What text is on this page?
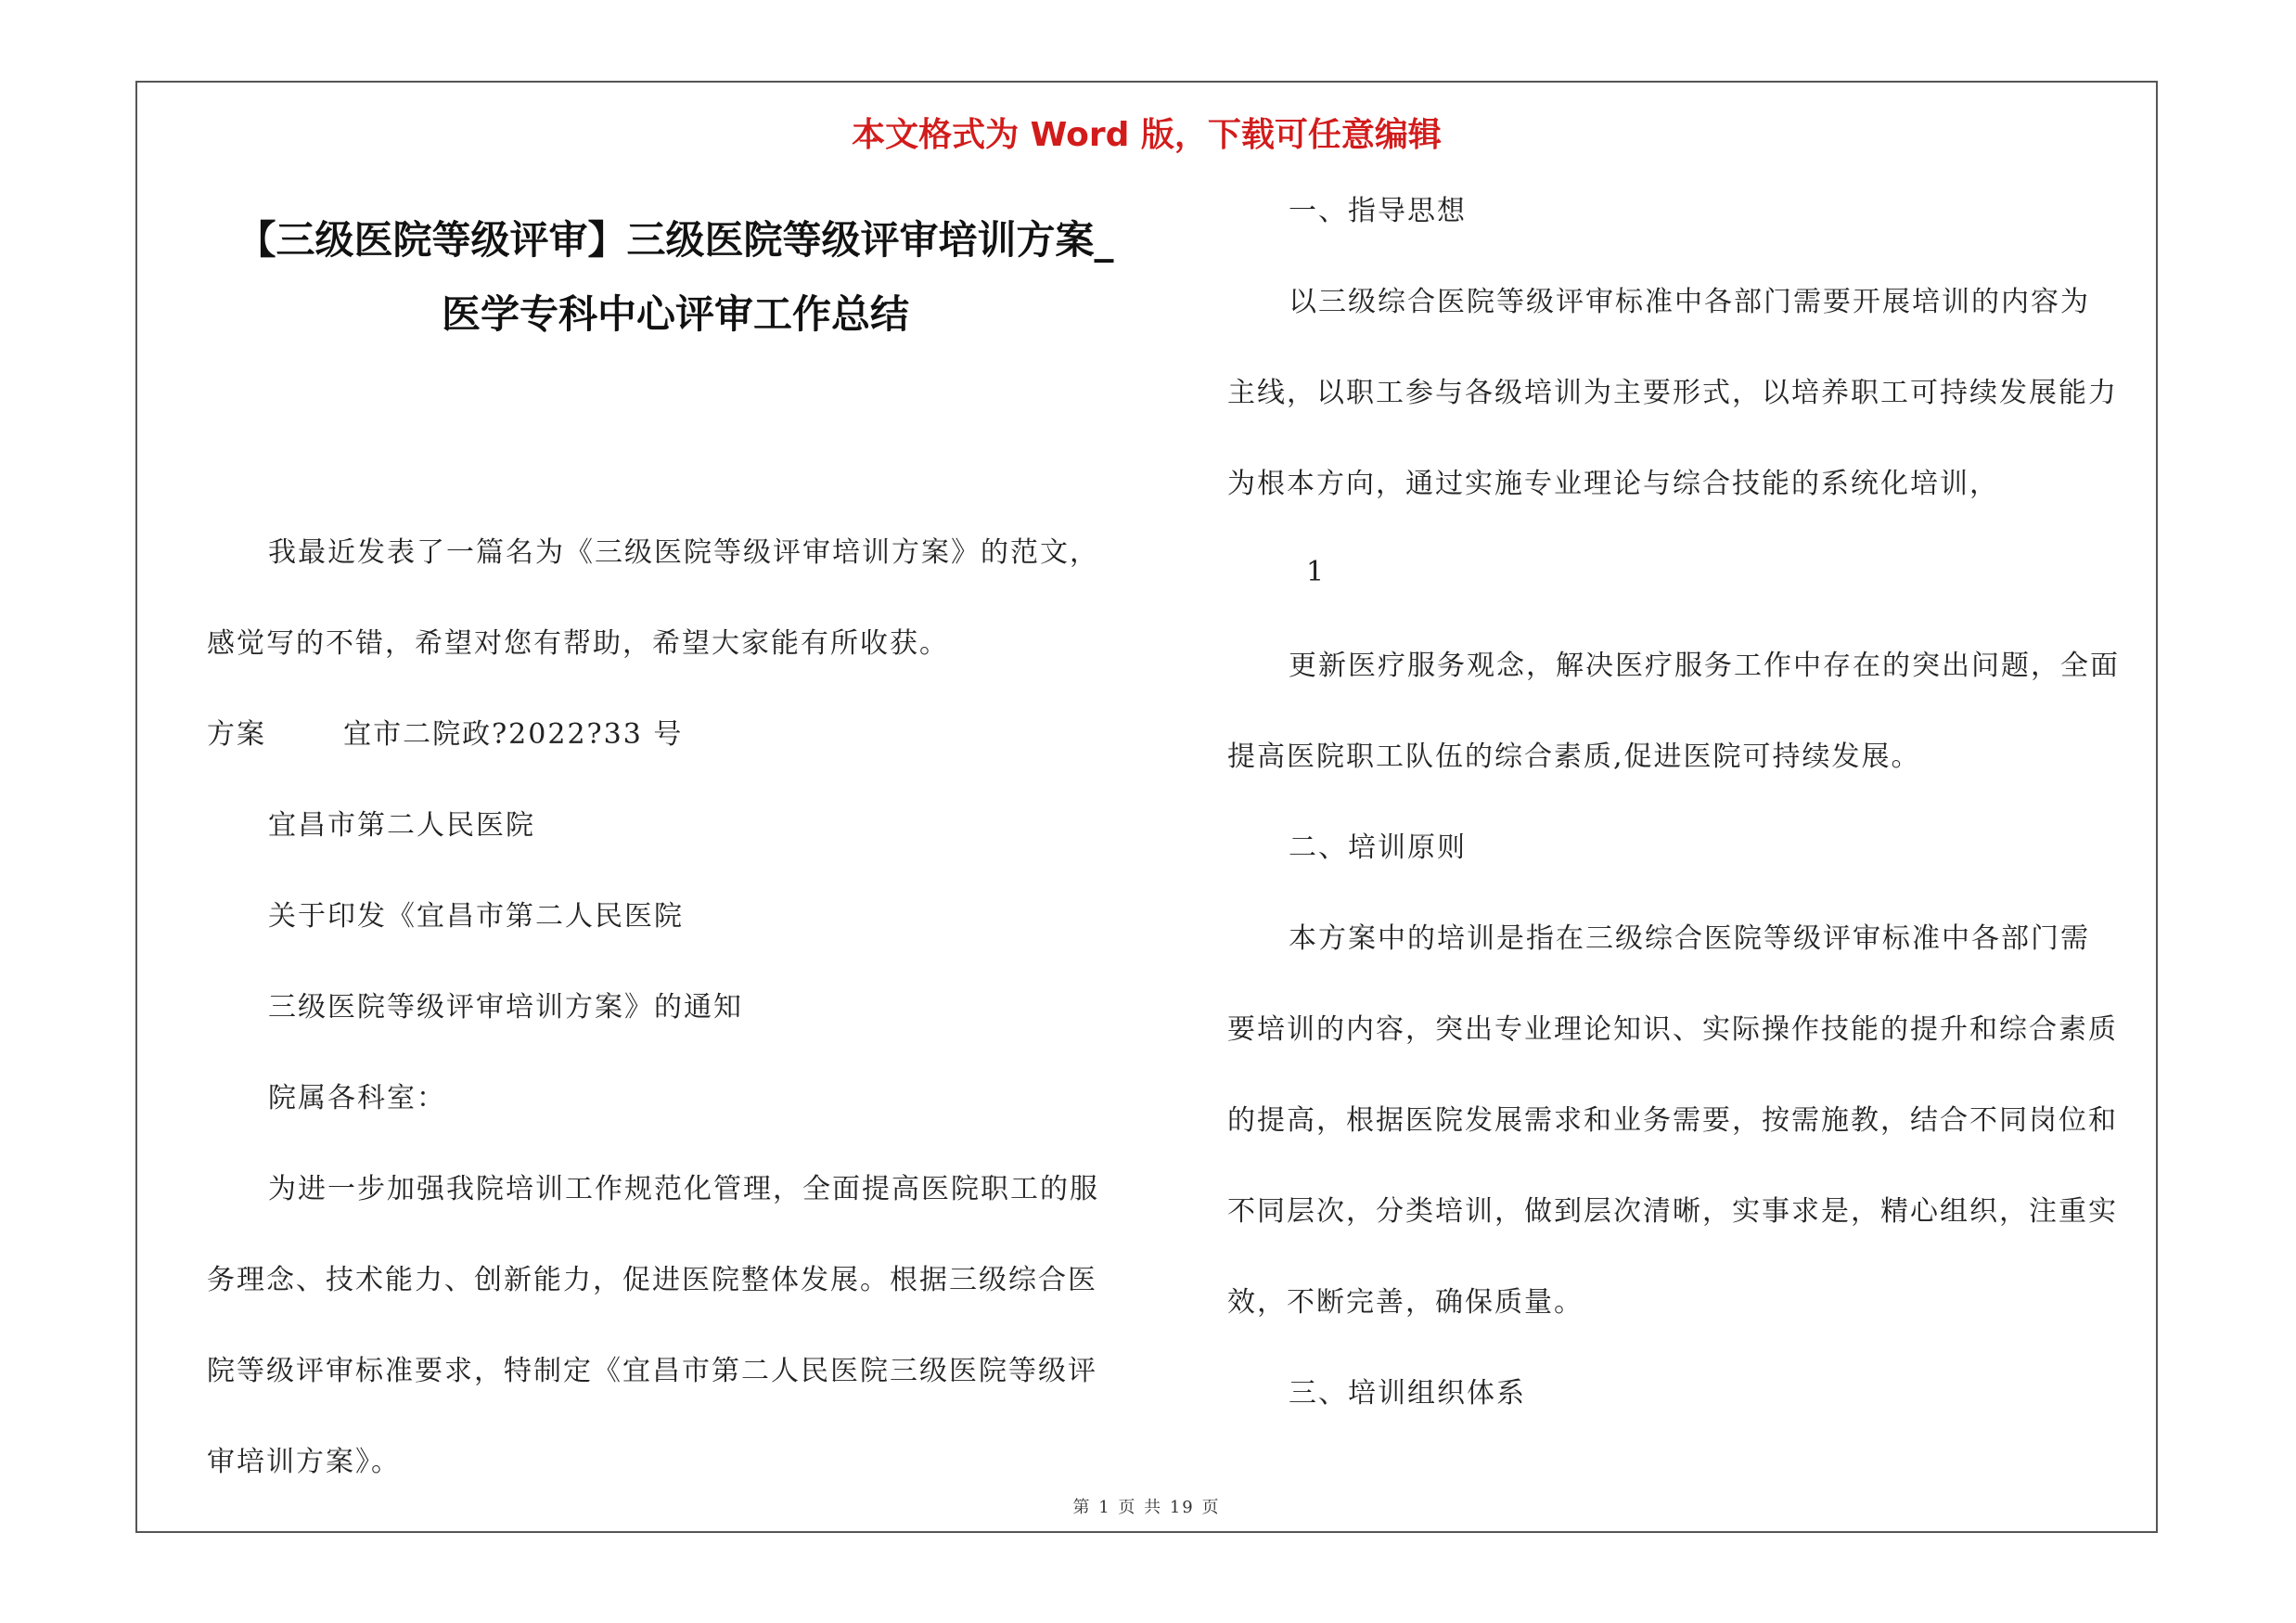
本文格式为 Word 版，下载可任意编辑
【三级医院等级评审】三级医院等级评审培训方案_
医学专科中心评审工作总结
我最近发表了一篇名为《三级医院等级评审培训方案》的范文，
感觉写的不错，希望对您有帮助，希望大家能有所收获。
方案	宜市二院政?2022?33 号
宜昌市第二人民医院
关于印发《宜昌市第二人民医院
三级医院等级评审培训方案》的通知
院属各科室：
为进一步加强我院培训工作规范化管理，全面提高医院职工的服
务理念、技术能力、创新能力，促进医院整体发展。根据三级综合医
院等级评审标准要求，特制定《宜昌市第二人民医院三级医院等级评
审培训方案》。
一、指导思想
以三级综合医院等级评审标准中各部门需要开展培训的内容为
主线，以职工参与各级培训为主要形式，以培养职工可持续发展能力
为根本方向，通过实施专业理论与综合技能的系统化培训，
1
更新医疗服务观念，解决医疗服务工作中存在的突出问题，全面
提高医院职工队伍的综合素质,促进医院可持续发展。
二、培训原则
本方案中的培训是指在三级综合医院等级评审标准中各部门需
要培训的内容，突出专业理论知识、实际操作技能的提升和综合素质
的提高，根据医院发展需求和业务需要，按需施教，结合不同岗位和
不同层次，分类培训，做到层次清晰，实事求是，精心组织，注重实
效，不断完善，确保质量。
三、培训组织体系
第 1 页 共 19 页
